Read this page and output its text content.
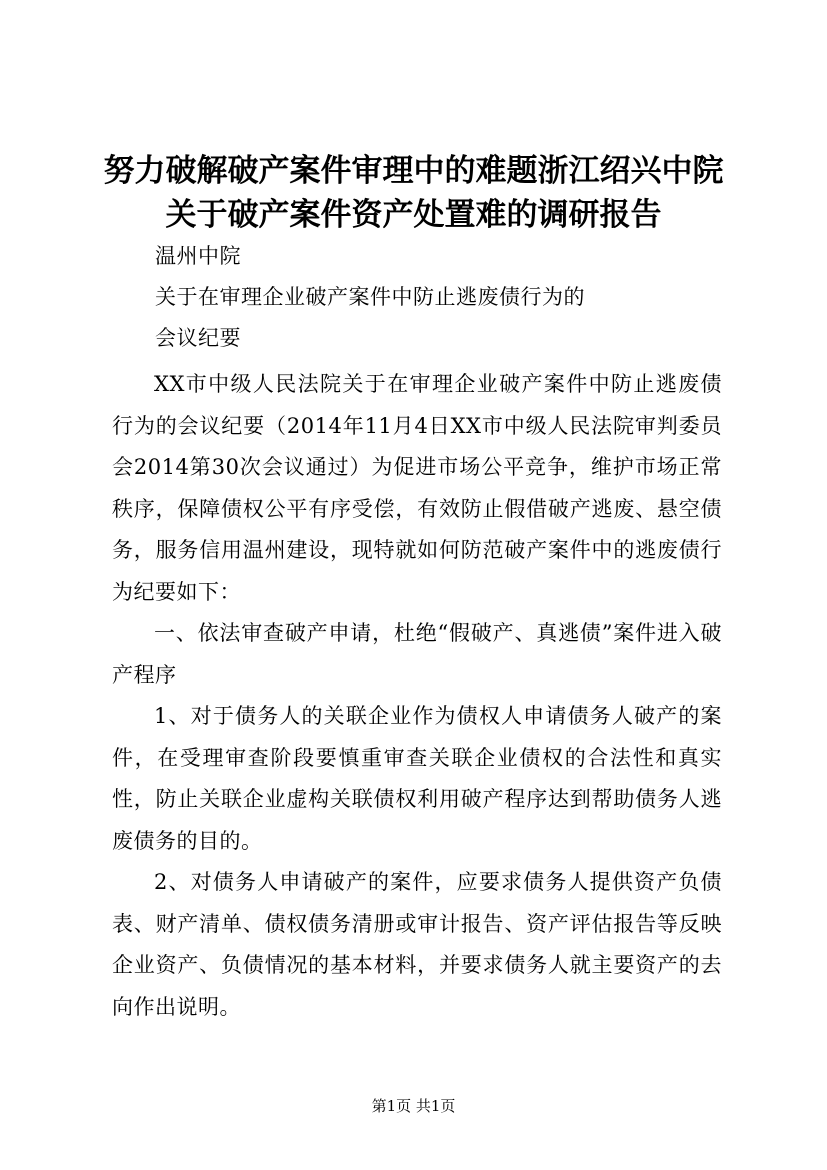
努力破解破产案件审理中的难题浙江绍兴中院
关于破产案件资产处置难的调研报告
温州中院
关于在审理企业破产案件中防止逃废债行为的
会议纪要
XX市中级人民法院关于在审理企业破产案件中防止逃废债行为的会议纪要（2014年11月4日XX市中级人民法院审判委员会2014第30次会议通过）为促进市场公平竞争，维护市场正常秩序，保障债权公平有序受偿，有效防止假借破产逃废、悬空债务，服务信用温州建设，现特就如何防范破产案件中的逃废债行为纪要如下：
一、依法审查破产申请，杜绝“假破产、真逃债”案件进入破产程序
1、对于债务人的关联企业作为债权人申请债务人破产的案件，在受理审查阶段要慎重审查关联企业债权的合法性和真实性，防止关联企业虚构关联债权利用破产程序达到帮助债务人逃废债务的目的。
2、对债务人申请破产的案件，应要求债务人提供资产负债表、财产清单、债权债务清册或审计报告、资产评估报告等反映企业资产、负债情况的基本材料，并要求债务人就主要资产的去向作出说明。
第1页 共1页
